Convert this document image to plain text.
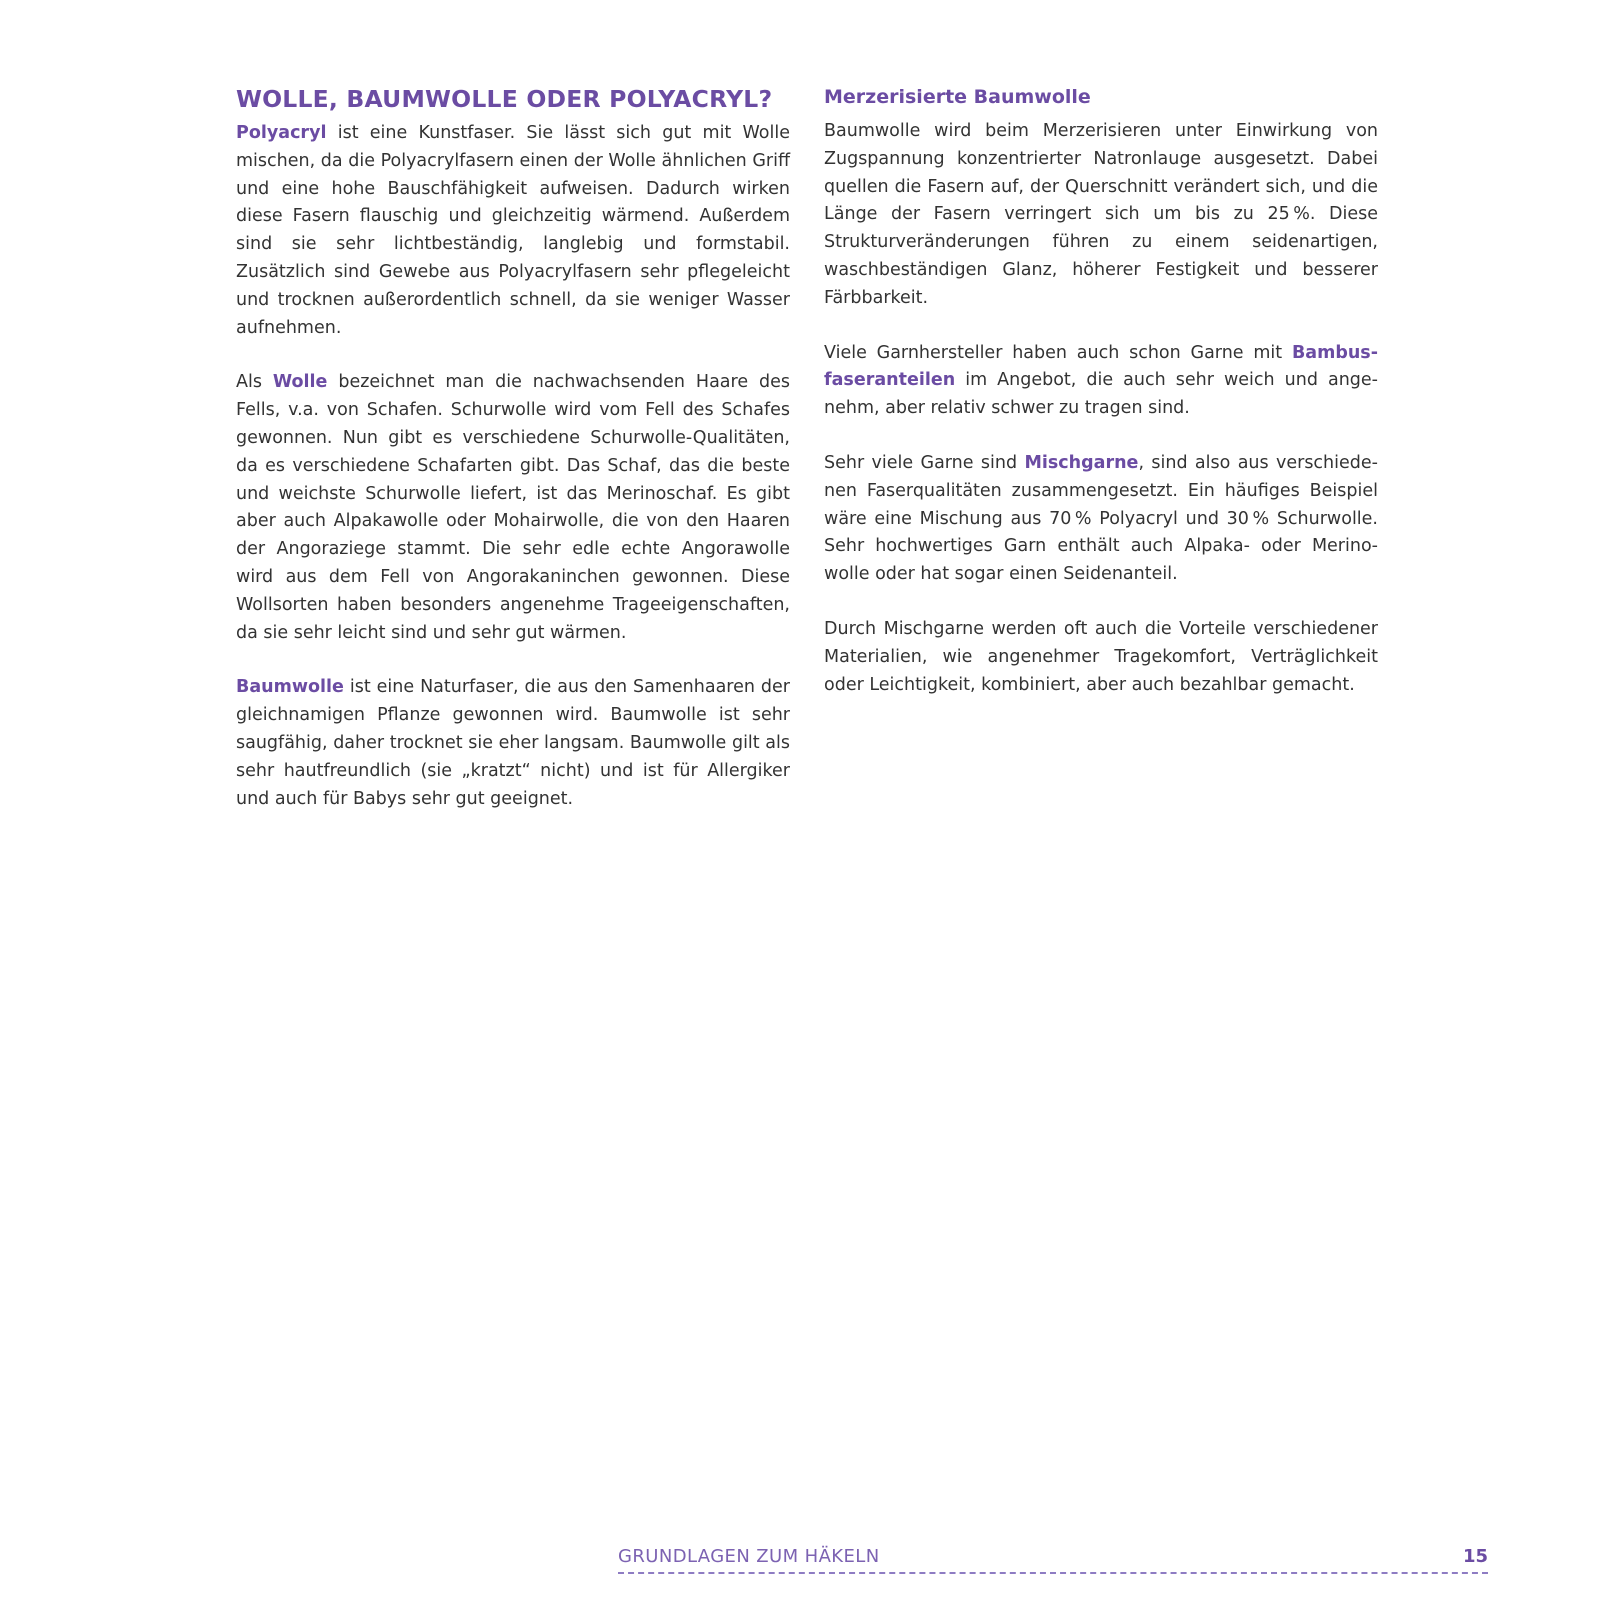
WOLLE, BAUMWOLLE ODER POLYACRYL?

Polyacryl ist eine Kunstfaser. Sie lässt sich gut mit Wolle mischen, da die Polyacrylfasern einen der Wolle ähnlichen Griff und eine hohe Bauschfähigkeit aufweisen. Dadurch wirken diese Fasern flauschig und gleichzeitig wärmend. Außerdem sind sie sehr lichtbeständig, langlebig und formstabil. Zusätzlich sind Gewebe aus Polyacrylfasern sehr pflegeleicht und trocknen außerordentlich schnell, da sie weniger Wasser aufnehmen.

Als Wolle bezeichnet man die nachwachsenden Haare des Fells, v.a. von Schafen. Schurwolle wird vom Fell des Schafes gewonnen. Nun gibt es verschiedene Schurwolle-Qualitäten, da es verschiedene Schafarten gibt. Das Schaf, das die beste und weichste Schurwolle liefert, ist das Merinoschaf. Es gibt aber auch Alpakawolle oder Mohairwolle, die von den Haaren der Angoraziege stammt. Die sehr edle echte Angorawolle wird aus dem Fell von Angorakaninchen gewonnen. Diese Wollsorten haben besonders angenehme Trageeigenschaften, da sie sehr leicht sind und sehr gut wärmen.

Baumwolle ist eine Naturfaser, die aus den Samenhaaren der gleichnamigen Pflanze gewonnen wird. Baumwolle ist sehr saugfähig, daher trocknet sie eher langsam. Baumwolle gilt als sehr hautfreundlich (sie „kratzt“ nicht) und ist für Allergiker und auch für Babys sehr gut geeignet.

Merzerisierte Baumwolle

Baumwolle wird beim Merzerisieren unter Einwirkung von Zugspannung konzentrierter Natronlauge ausgesetzt. Dabei quellen die Fasern auf, der Querschnitt verändert sich, und die Länge der Fasern verringert sich um bis zu 25 %. Diese Strukturveränderungen führen zu einem seidenartigen, waschbeständigen Glanz, höherer Festigkeit und besserer Färbbarkeit.

Viele Garnhersteller haben auch schon Garne mit Bambusfaseranteilen im Angebot, die auch sehr weich und angenehm, aber relativ schwer zu tragen sind.

Sehr viele Garne sind Mischgarne, sind also aus verschiedenen Faserqualitäten zusammengesetzt. Ein häufiges Beispiel wäre eine Mischung aus 70 % Polyacryl und 30 % Schurwolle. Sehr hochwertiges Garn enthält auch Alpaka- oder Merinowolle oder hat sogar einen Seidenanteil.

Durch Mischgarne werden oft auch die Vorteile verschiedener Materialien, wie angenehmer Tragekomfort, Verträglichkeit oder Leichtigkeit, kombiniert, aber auch bezahlbar gemacht.

GRUNDLAGEN ZUM HÄKELN	15
